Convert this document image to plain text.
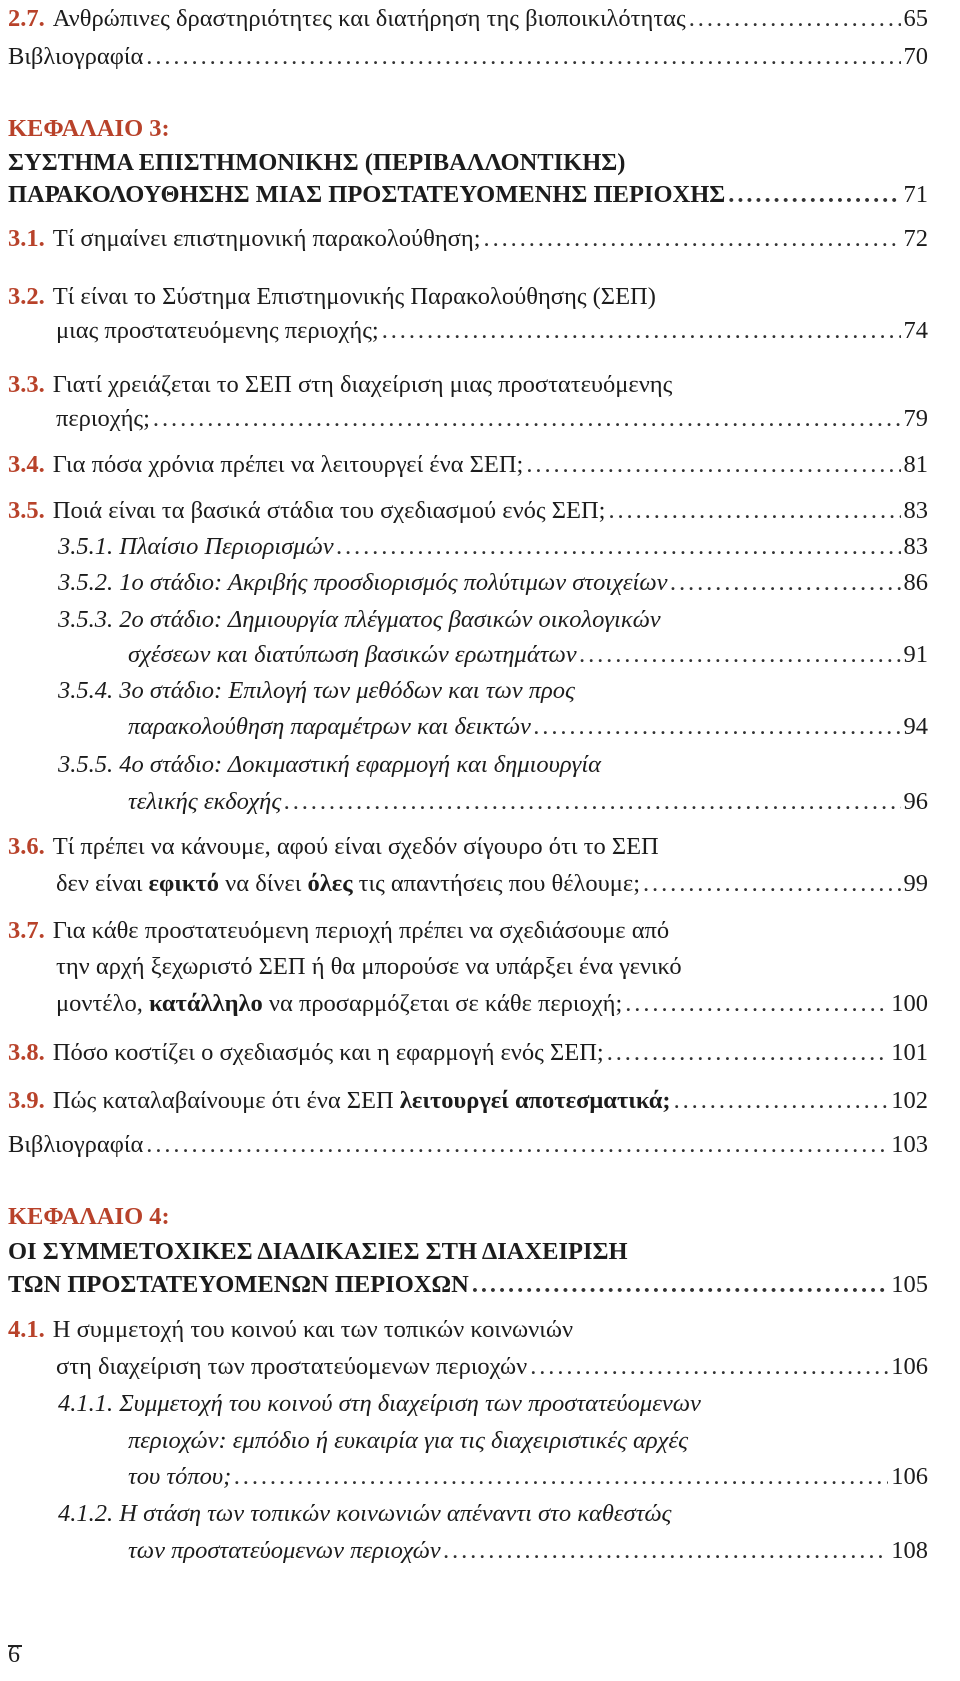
2.7. Ανθρώπινες δραστηριότητες και διατήρηση της βιοποικιλότητας . . .	65
Βιβλιογραφία . . .	70
ΚΕΦΑΛΑΙΟ 3:
ΣΥΣΤΗΜΑ ΕΠΙΣΤΗΜΟΝΙΚΗΣ (ΠΕΡΙΒΑΛΛΟΝΤΙΚΗΣ)
ΠΑΡΑΚΟΛΟΥΘΗΣΗΣ ΜΙΑΣ ΠΡΟΣΤΑΤΕΥΟΜΕΝΗΣ ΠΕΡΙΟΧΗΣ . . .	71
3.1. Τί σημαίνει επιστημονική παρακολούθηση; . . .	72
3.2. Τί είναι το Σύστημα Επιστημονικής Παρακολούθησης (ΣΕΠ)
μιας προστατευόμενης περιοχής; . . .	74
3.3. Γιατί χρειάζεται το ΣΕΠ στη διαχείριση μιας προστατευόμενης
περιοχής; . . .	79
3.4. Για πόσα χρόνια πρέπει να λειτουργεί ένα ΣΕΠ; . . .	81
3.5. Ποιά είναι τα βασικά στάδια του σχεδιασμού ενός ΣΕΠ; . . .	83
3.5.1. Πλαίσιο Περιορισμών . . .	83
3.5.2. 1ο στάδιο: Ακριβής προσδιορισμός πολύτιμων στοιχείων . . .	86
3.5.3. 2ο στάδιο: Δημιουργία πλέγματος βασικών οικολογικών
σχέσεων και διατύπωση βασικών ερωτημάτων . . .	91
3.5.4. 3ο στάδιο: Επιλογή των μεθόδων και των προς
παρακολούθηση παραμέτρων και δεικτών . . .	94
3.5.5. 4ο στάδιο: Δοκιμαστική εφαρμογή και δημιουργία
τελικής εκδοχής . . .	96
3.6. Τί πρέπει να κάνουμε, αφού είναι σχεδόν σίγουρο ότι το ΣΕΠ
δεν είναι εφικτό να δίνει όλες τις απαντήσεις που θέλουμε; . . .	99
3.7. Για κάθε προστατευόμενη περιοχή πρέπει να σχεδιάσουμε από
την αρχή ξεχωριστό ΣΕΠ ή θα μπορούσε να υπάρξει ένα γενικό
μοντέλο, κατάλληλο να προσαρμόζεται σε κάθε περιοχή; . . .	100
3.8. Πόσο κοστίζει ο σχεδιασμός και η εφαρμογή ενός ΣΕΠ; . . .	101
3.9. Πώς καταλαβαίνουμε ότι ένα ΣΕΠ λειτουργεί αποτεσματικά; . . .	102
Βιβλιογραφία . . .	103
ΚΕΦΑΛΑΙΟ 4:
ΟΙ ΣΥΜΜΕΤΟΧΙΚΕΣ ΔΙΑΔΙΚΑΣΙΕΣ ΣΤΗ ΔΙΑΧΕΙΡΙΣΗ
ΤΩΝ ΠΡΟΣΤΑΤΕΥΟΜΕΝΩΝ ΠΕΡΙΟΧΩΝ . . .	105
4.1. Η συμμετοχή του κοινού και των τοπικών κοινωνιών
στη διαχείριση των προστατεύομενων περιοχών . . .	106
4.1.1. Συμμετοχή του κοινού στη διαχείριση των προστατεύομενων
περιοχών: εμπόδιο ή ευκαιρία για τις διαχειριστικές αρχές
του τόπου; . . .	106
4.1.2. Η στάση των τοπικών κοινωνιών απέναντι στο καθεστώς
των προστατεύομενων περιοχών . . .	108
6
